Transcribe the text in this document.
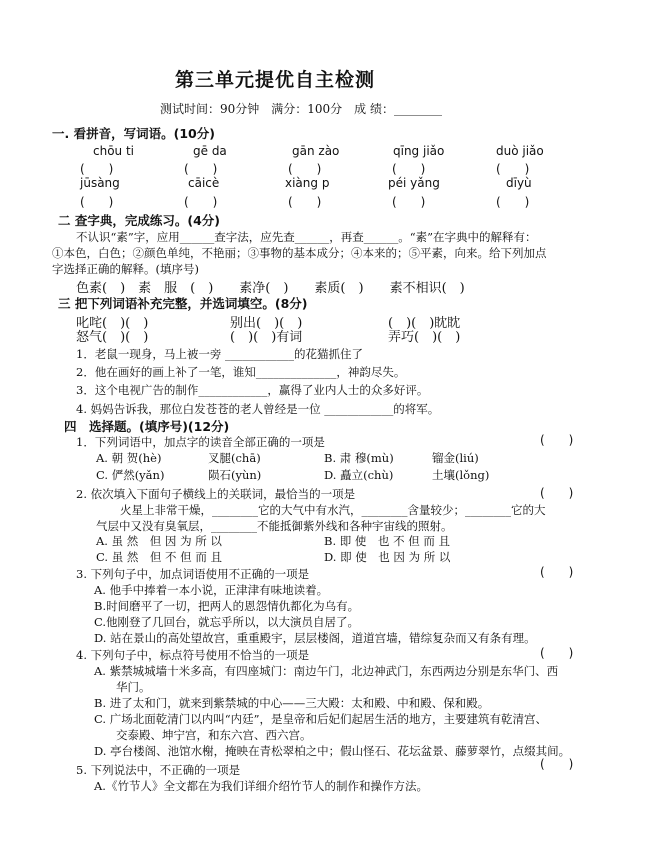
第三单元提优自主检测
测试时间：90分钟　满分：100分　成 绩：________
一. 看拼音，写词语。(10分)
chōu ti	gē da	gān zào	qīng jiǎo	duò jiǎo
(　　)	(　　)	(　　)	(　　)	(　　)
jūsàng	cāicè	xiàng p	péi yǎng	dīyù
(　　)	(　　)	(　　)	(　　)	(　　)
二 查字典，完成练习。(4分)
不认识“素”字，应用______查字法，应先查______，再查______。“素”在字典中的解释有：
①本色，白色；②颜色单纯，不艳丽；③事物的基本成分；④本来的；⑤平素，向来。给下列加点
字选择正确的解释。(填序号)
色素(　)　素　服　(　)　　素净(　)　　素质(　)　　素不相识(　)
三 把下列词语补充完整，并选词填空。(8分)
叱咤(　)(　)	别出(　)(　)	(　)(　)眈眈
怒气(　)(　)	(　)(　)有词	弄巧(　)(　)
1．老鼠一现身，马上被一旁 ____________的花猫抓住了
2．他在画好的画上补了一笔，谁知______________，神韵尽失。
3．这个电视广告的制作____________，赢得了业内人士的众多好评。
4. 妈妈告诉我，那位白发苍苍的老人曾经是一位 ____________的将军。
四　选择题。(填序号)(12分)
1．下列词语中，加点字的读音全部正确的一项是	(　　)
A. 朝 贺(hè)	叉腿(chā)	B. 肃 穆(mù)	镏金(liú)
C. 俨然(yǎn)	陨石(yùn)	D. 矗立(chù)	土壤(lǒng)
2. 依次填入下面句子横线上的关联词，最恰当的一项是	(　　)
火星上非常干燥，________它的大气中有水汽，________含量较少；________它的大
气层中又没有臭氧层，________不能抵御紫外线和各种宇宙线的照射。
A. 虽 然　但 因 为 所 以	B. 即 使　也 不 但 而 且
C. 虽 然　但 不 但 而 且	D. 即 使　也 因 为 所 以
3. 下列句子中，加点词语使用不正确的一项是	(　　)
A. 他手中捧着一本小说，正津津有味地读着。
B.时间磨平了一切，把两人的恩怨情仇都化为乌有。
C.他刚登了几回台，就忘乎所以，以大演员自居了。
D. 站在景山的高处望故宫，重重殿宇，层层楼阁，道道宫墙，错综复杂而又有条有理。
4. 下列句子中，标点符号使用不恰当的一项是	(　　)
A. 紫禁城城墙十米多高，有四座城门：南边午门，北边神武门，东西两边分别是东华门、西
华门。
B. 进了太和门，就来到紫禁城的中心——三大殿：太和殿、中和殿、保和殿。
C. 广场北面乾清门以内叫“内廷”，是皇帝和后妃们起居生活的地方，主要建筑有乾清宫、
交泰殿、坤宁宫，和东六宫、西六宫。
D. 亭台楼阁、池馆水榭，掩映在青松翠柏之中；假山怪石、花坛盆景、藤萝翠竹，点缀其间。
5. 下列说法中，不正确的一项是	(　　)
A.《竹节人》全文都在为我们详细介绍竹节人的制作和操作方法。
